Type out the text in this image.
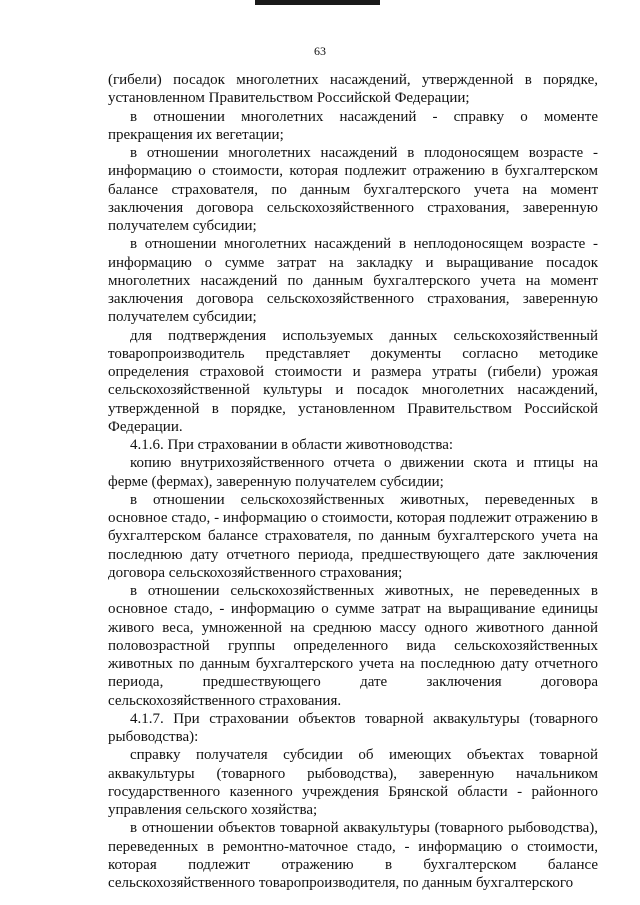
63

(гибели) посадок многолетних насаждений, утвержденной в порядке, установленном Правительством Российской Федерации;

в отношении многолетних насаждений - справку о моменте прекращения их вегетации;

в отношении многолетних насаждений в плодоносящем возрасте - информацию о стоимости, которая подлежит отражению в бухгалтерском балансе страхователя, по данным бухгалтерского учета на момент заключения договора сельскохозяйственного страхования, заверенную получателем субсидии;

в отношении многолетних насаждений в неплодоносящем возрасте - информацию о сумме затрат на закладку и выращивание посадок многолетних насаждений по данным бухгалтерского учета на момент заключения договора сельскохозяйственного страхования, заверенную получателем субсидии;

для подтверждения используемых данных сельскохозяйственный товаропроизводитель представляет документы согласно методике определения страховой стоимости и размера утраты (гибели) урожая сельскохозяйственной культуры и посадок многолетних насаждений, утвержденной в порядке, установленном Правительством Российской Федерации.

4.1.6. При страховании в области животноводства:

копию внутрихозяйственного отчета о движении скота и птицы на ферме (фермах), заверенную получателем субсидии;

в отношении сельскохозяйственных животных, переведенных в основное стадо, - информацию о стоимости, которая подлежит отражению в бухгалтерском балансе страхователя, по данным бухгалтерского учета на последнюю дату отчетного периода, предшествующего дате заключения договора сельскохозяйственного страхования;

в отношении сельскохозяйственных животных, не переведенных в основное стадо, - информацию о сумме затрат на выращивание единицы живого веса, умноженной на среднюю массу одного животного данной половозрастной группы определенного вида сельскохозяйственных животных по данным бухгалтерского учета на последнюю дату отчетного периода, предшествующего дате заключения договора сельскохозяйственного страхования.

4.1.7. При страховании объектов товарной аквакультуры (товарного рыбоводства):

справку получателя субсидии об имеющих объектах товарной аквакультуры (товарного рыбоводства), заверенную начальником государственного казенного учреждения Брянской области - районного управления сельского хозяйства;

в отношении объектов товарной аквакультуры (товарного рыбоводства), переведенных в ремонтно-маточное стадо, - информацию о стоимости, которая подлежит отражению в бухгалтерском балансе сельскохозяйственного товаропроизводителя, по данным бухгалтерского
